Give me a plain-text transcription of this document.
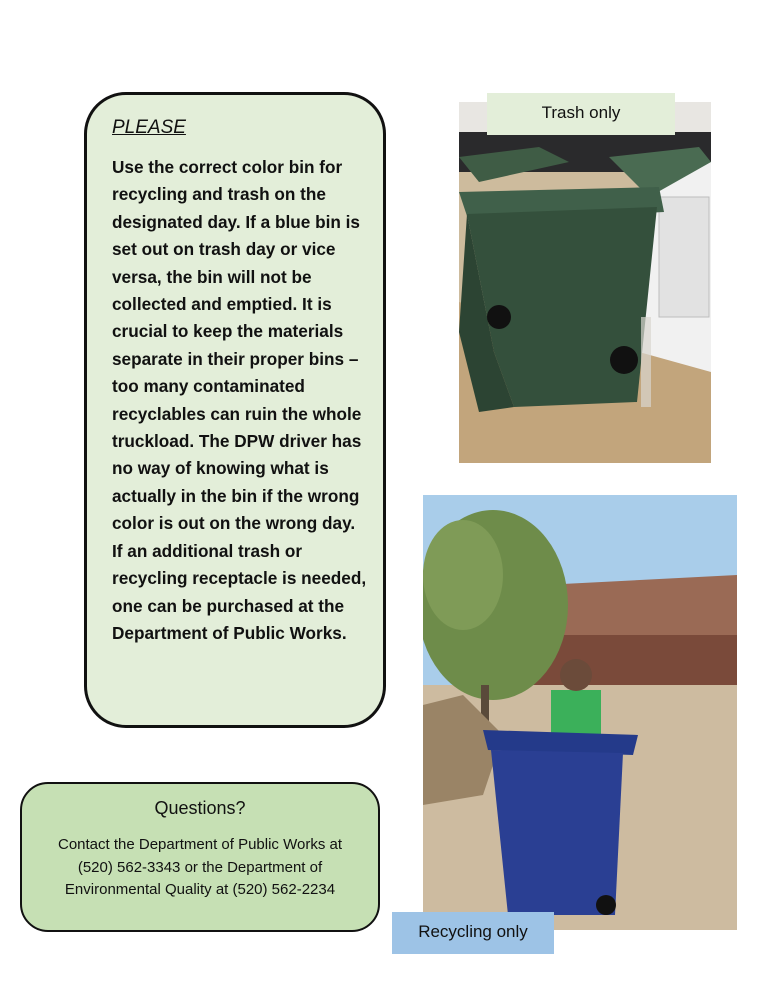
PLEASE

Use the correct color bin for recycling and trash on the designated day. If a blue bin is set out on trash day or vice versa, the bin will not be collected and emptied. It is crucial to keep the materials separate in their proper bins – too many contaminated recyclables can ruin the whole truckload. The DPW driver has no way of knowing what is actually in the bin if the wrong color is out on the wrong day. If an additional trash or recycling receptacle is needed, one can be purchased at the Department of Public Works.

Questions?

Contact the Department of Public Works at
(520) 562-3343 or the Department of
Environmental Quality at (520) 562-2234

Trash only
Recycling only
